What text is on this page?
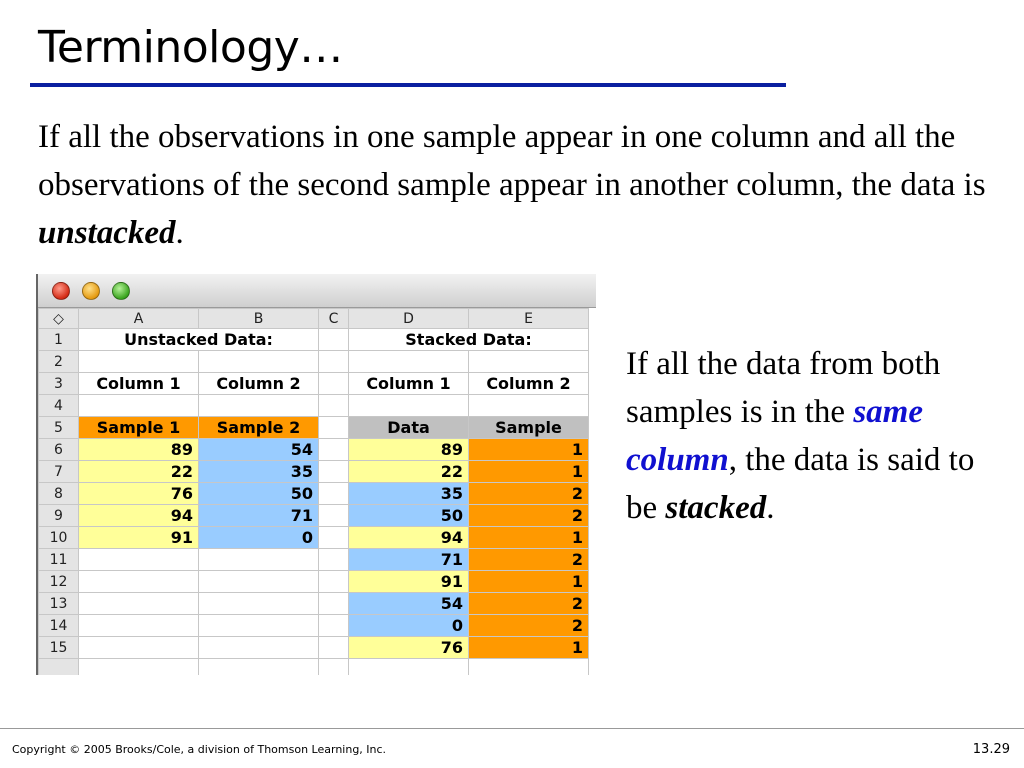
Terminology…
If all the observations in one sample appear in one column and all the observations of the second sample appear in another column, the data is unstacked.
If all the data from both samples is in the same column, the data is said to be stacked.
◇	A	B	C	D	E
1	Unstacked Data:			Stacked Data:	
2					
3	Column 1	Column 2		Column 1	Column 2
4					
5	Sample 1	Sample 2		Data	Sample
6	89	54		89	1
7	22	35		22	1
8	76	50		35	2
9	94	71		50	2
10	91	0		94	1
11				71	2
12				91	1
13				54	2
14				0	2
15				76	1

Copyright © 2005 Brooks/Cole, a division of Thomson Learning, Inc.	13.29
